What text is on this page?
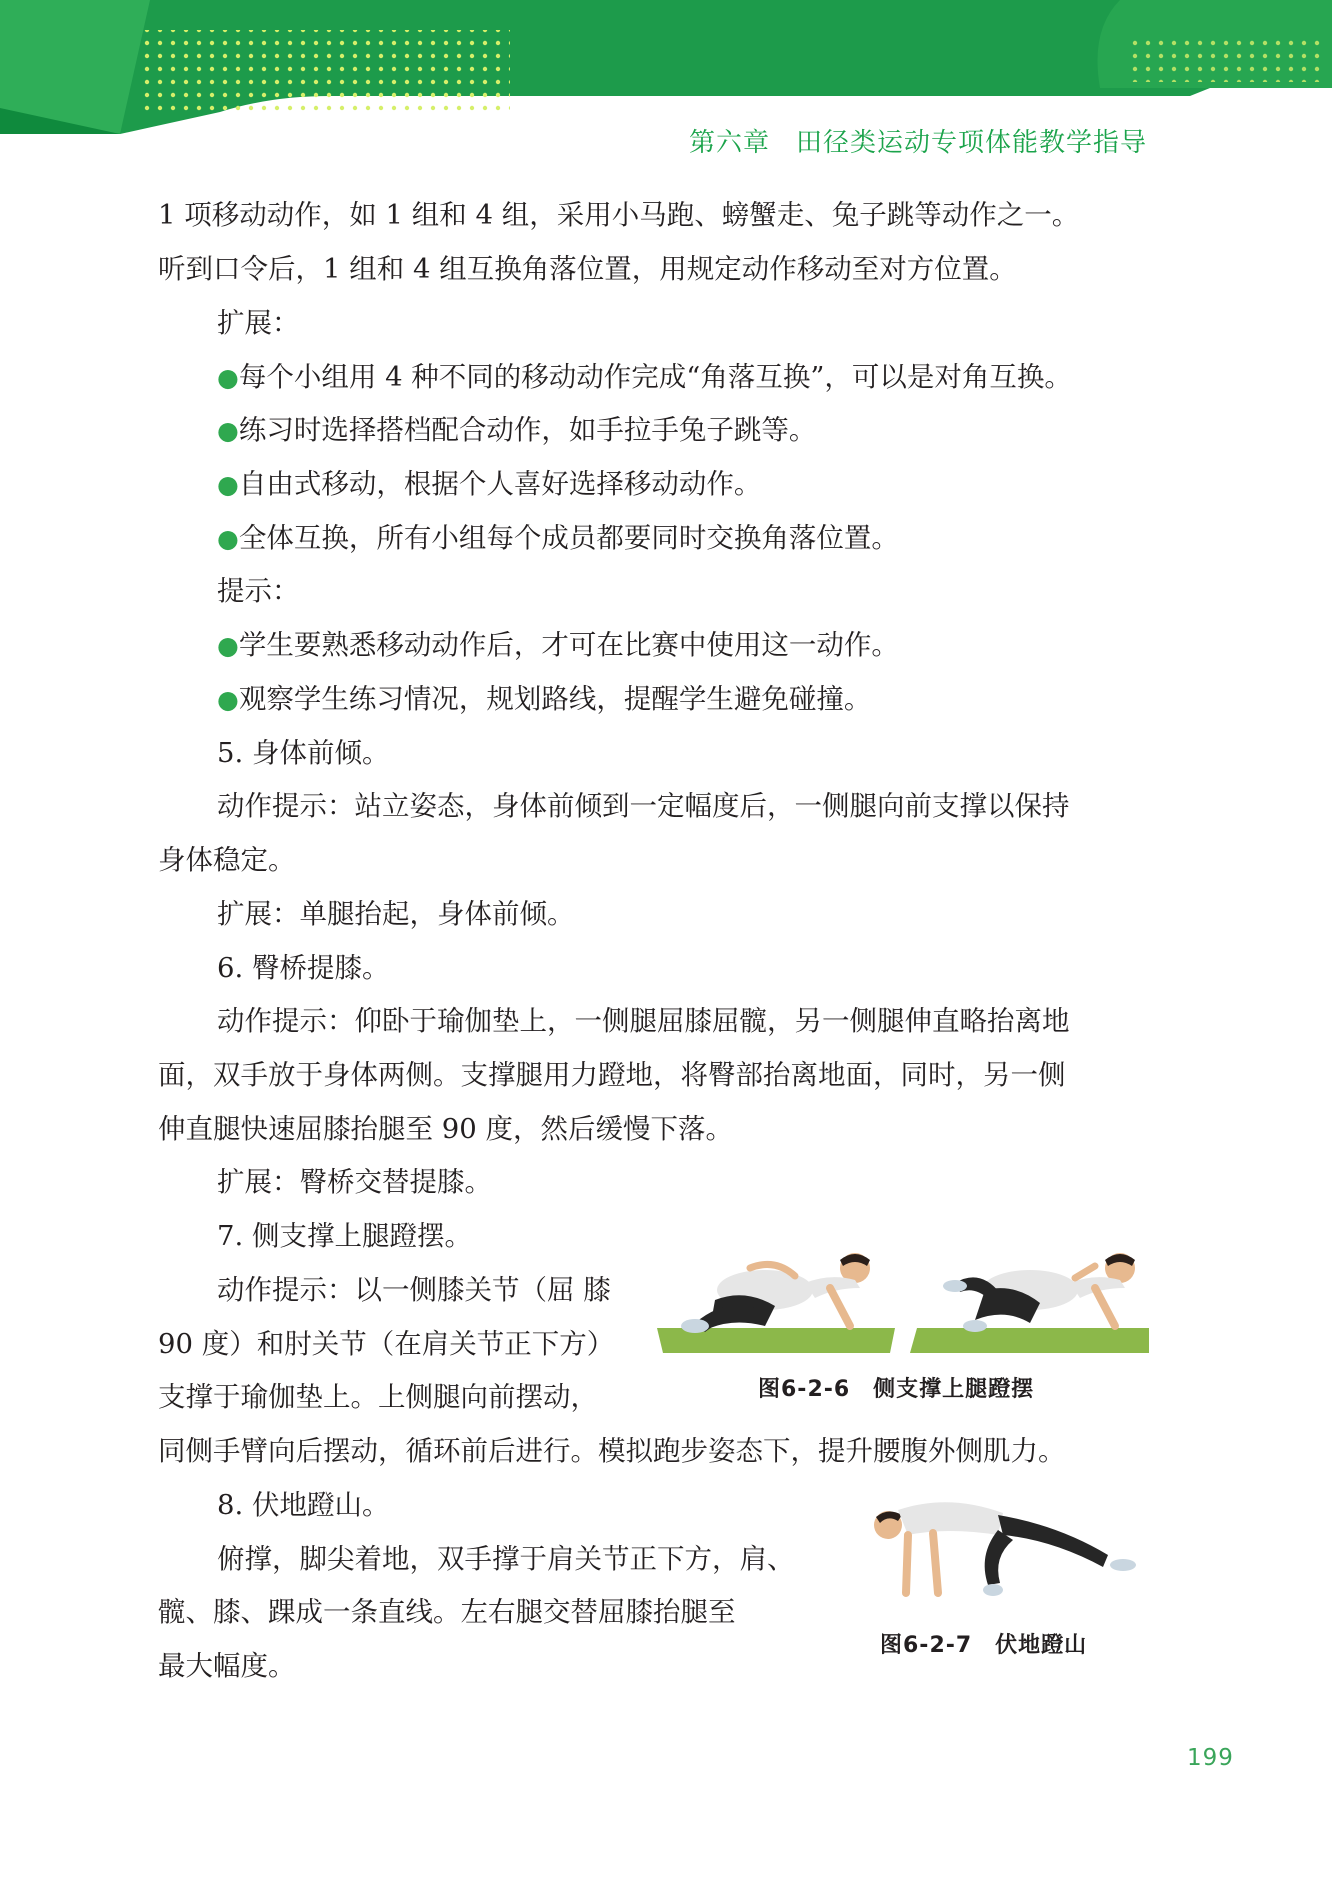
第六章 田径类运动专项体能教学指导
1 项移动动作，如 1 组和 4 组，采用小马跑、螃蟹走、兔子跳等动作之一。
听到口令后，1 组和 4 组互换角落位置，用规定动作移动至对方位置。
扩展：
●每个小组用 4 种不同的移动动作完成“角落互换”，可以是对角互换。
●练习时选择搭档配合动作，如手拉手兔子跳等。
●自由式移动，根据个人喜好选择移动动作。
●全体互换，所有小组每个成员都要同时交换角落位置。
提示：
●学生要熟悉移动动作后，才可在比赛中使用这一动作。
●观察学生练习情况，规划路线，提醒学生避免碰撞。
5. 身体前倾。
动作提示：站立姿态，身体前倾到一定幅度后，一侧腿向前支撑以保持
身体稳定。
扩展：单腿抬起，身体前倾。
6. 臀桥提膝。
动作提示：仰卧于瑜伽垫上，一侧腿屈膝屈髋，另一侧腿伸直略抬离地
面，双手放于身体两侧。支撑腿用力蹬地，将臀部抬离地面，同时，另一侧
伸直腿快速屈膝抬腿至 90 度，然后缓慢下落。
扩展：臀桥交替提膝。
7. 侧支撑上腿蹬摆。
动作提示：以一侧膝关节（屈 膝
90 度）和肘关节（在肩关节正下方）
支撑于瑜伽垫上。上侧腿向前摆动，
同侧手臂向后摆动，循环前后进行。模拟跑步姿态下，提升腰腹外侧肌力。
8. 伏地蹬山。
俯撑，脚尖着地，双手撑于肩关节正下方，肩、
髋、膝、踝成一条直线。左右腿交替屈膝抬腿至
最大幅度。
图6-2-6　侧支撑上腿蹬摆
图6-2-7　伏地蹬山
199
